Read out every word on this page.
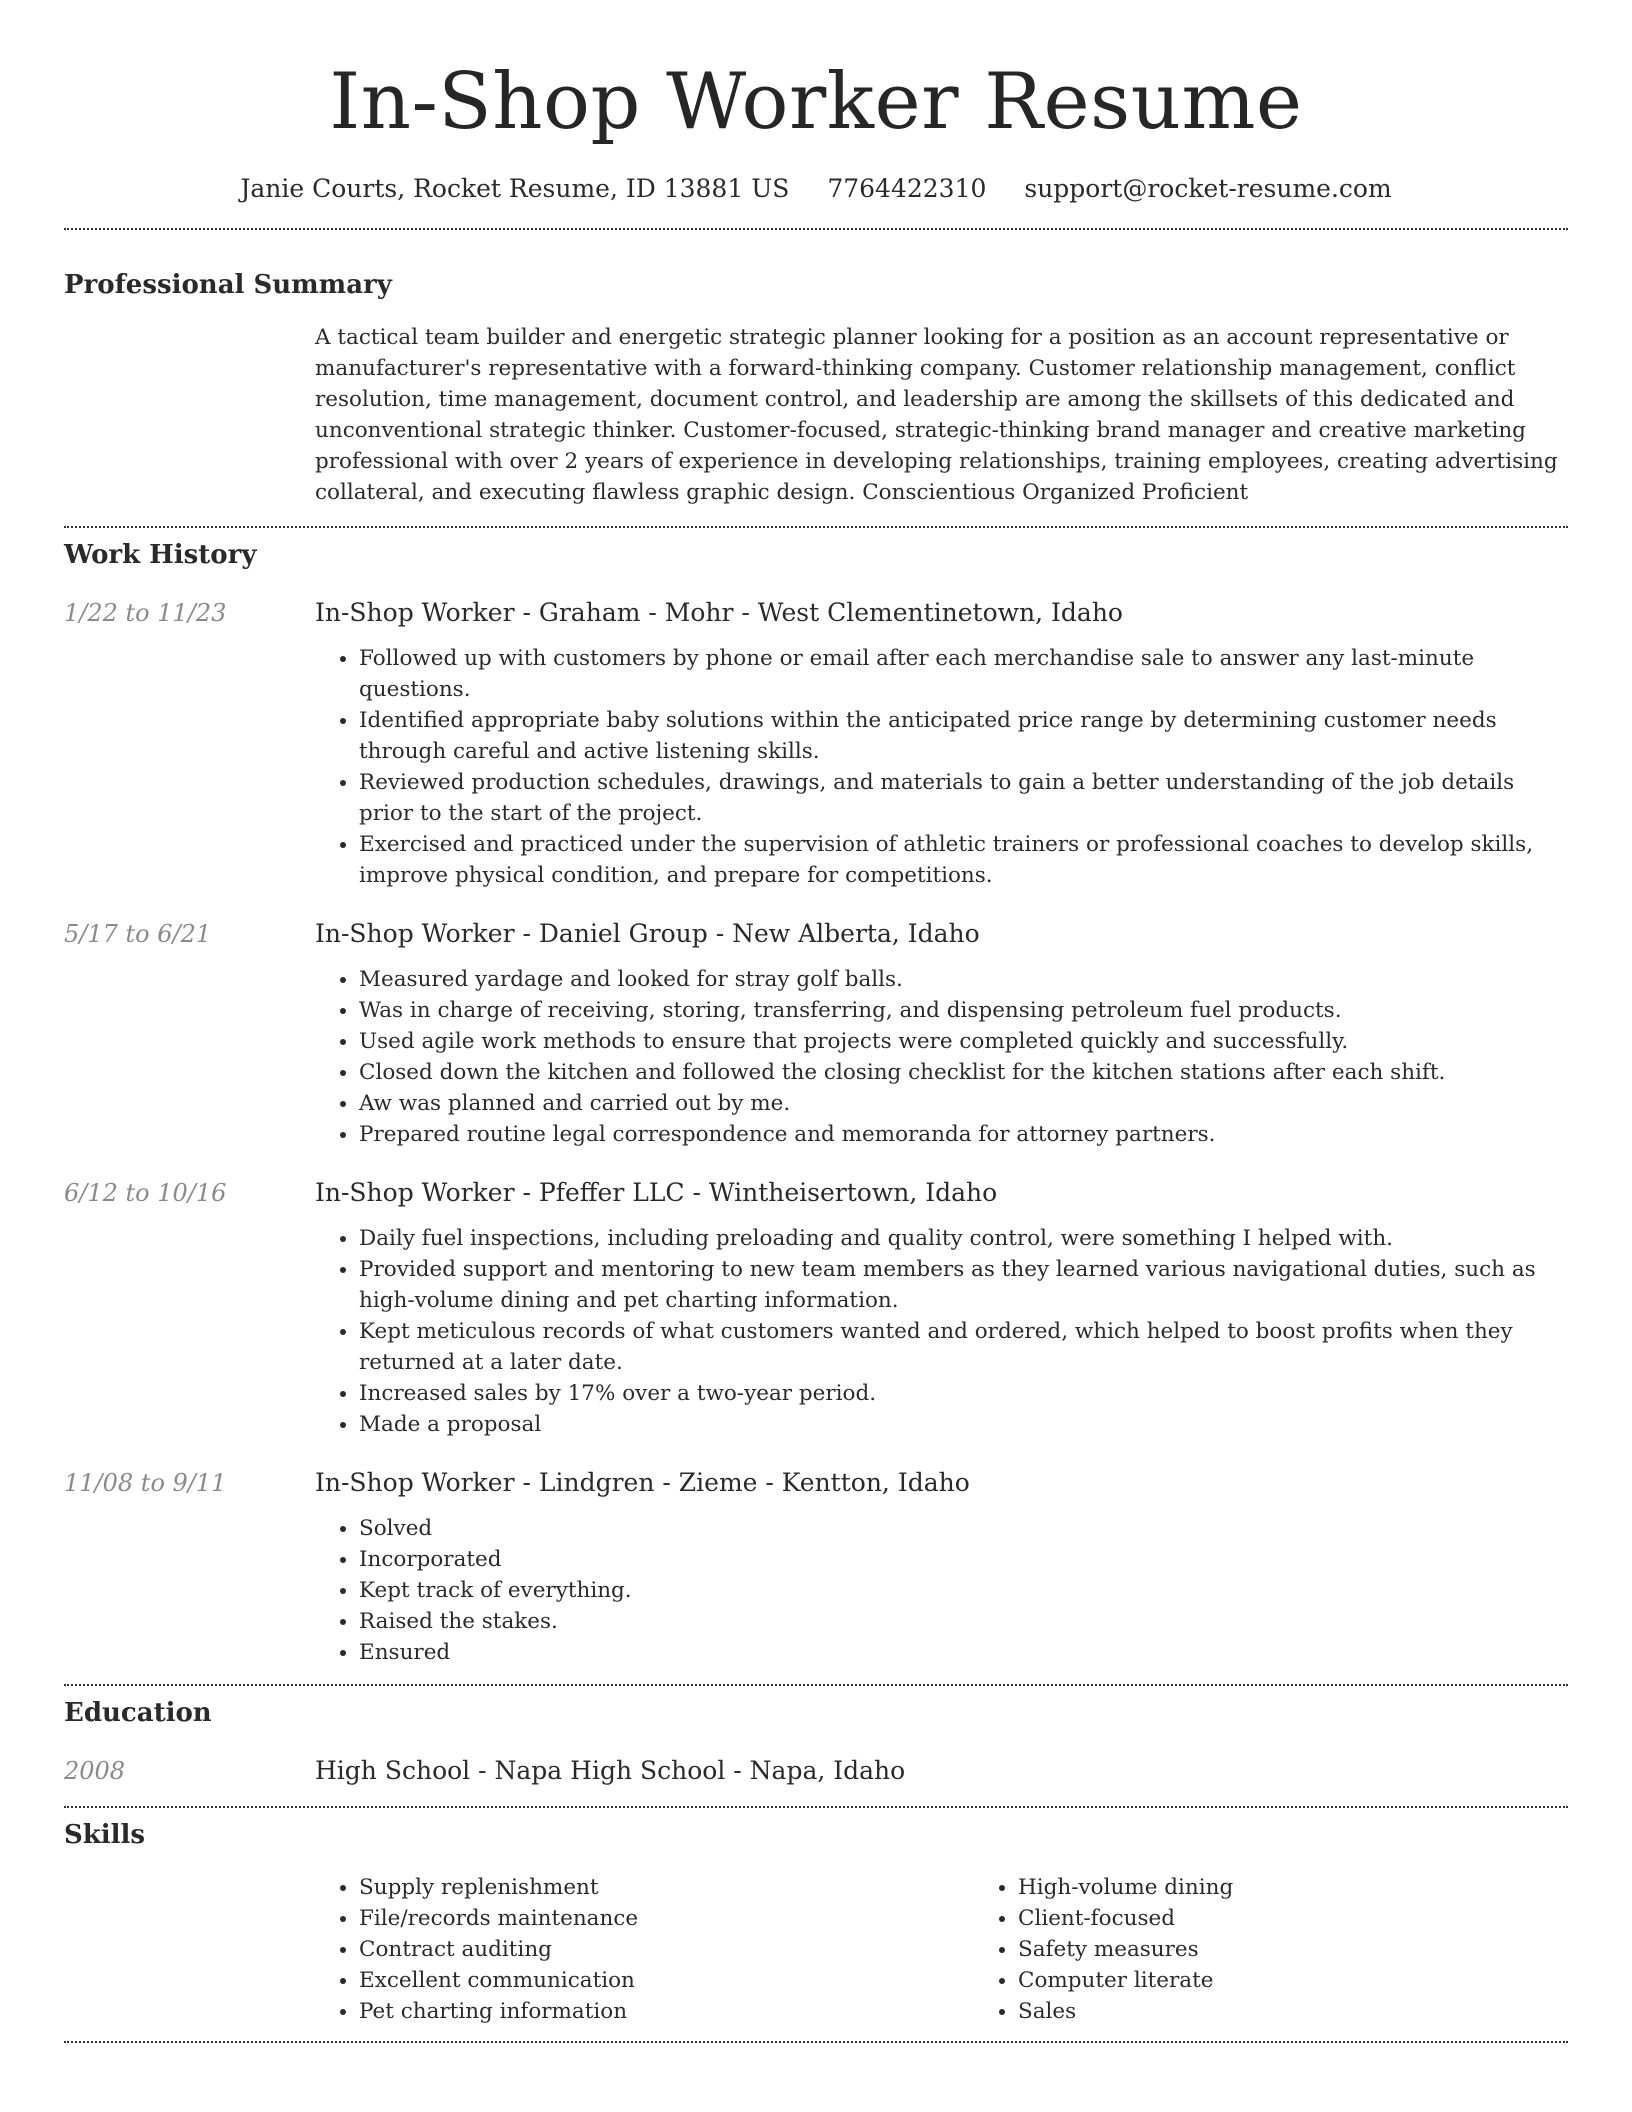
In-Shop Worker Resume
Janie Courts, Rocket Resume, ID 13881 US 7764422310 support@rocket-resume.com
Professional Summary
A tactical team builder and energetic strategic planner looking for a position as an account representative or manufacturer's representative with a forward-thinking company. Customer relationship management, conflict resolution, time management, document control, and leadership are among the skillsets of this dedicated and unconventional strategic thinker. Customer-focused, strategic-thinking brand manager and creative marketing professional with over 2 years of experience in developing relationships, training employees, creating advertising collateral, and executing flawless graphic design. Conscientious Organized Proficient
Work History
1/22 to 11/23	In-Shop Worker - Graham - Mohr - West Clementinetown, Idaho
• Followed up with customers by phone or email after each merchandise sale to answer any last-minute questions.
• Identified appropriate baby solutions within the anticipated price range by determining customer needs through careful and active listening skills.
• Reviewed production schedules, drawings, and materials to gain a better understanding of the job details prior to the start of the project.
• Exercised and practiced under the supervision of athletic trainers or professional coaches to develop skills, improve physical condition, and prepare for competitions.
5/17 to 6/21	In-Shop Worker - Daniel Group - New Alberta, Idaho
• Measured yardage and looked for stray golf balls.
• Was in charge of receiving, storing, transferring, and dispensing petroleum fuel products.
• Used agile work methods to ensure that projects were completed quickly and successfully.
• Closed down the kitchen and followed the closing checklist for the kitchen stations after each shift.
• Aw was planned and carried out by me.
• Prepared routine legal correspondence and memoranda for attorney partners.
6/12 to 10/16	In-Shop Worker - Pfeffer LLC - Wintheisertown, Idaho
• Daily fuel inspections, including preloading and quality control, were something I helped with.
• Provided support and mentoring to new team members as they learned various navigational duties, such as high-volume dining and pet charting information.
• Kept meticulous records of what customers wanted and ordered, which helped to boost profits when they returned at a later date.
• Increased sales by 17% over a two-year period.
• Made a proposal
11/08 to 9/11	In-Shop Worker - Lindgren - Zieme - Kentton, Idaho
• Solved
• Incorporated
• Kept track of everything.
• Raised the stakes.
• Ensured
Education
2008	High School - Napa High School - Napa, Idaho
Skills
• Supply replenishment
• File/records maintenance
• Contract auditing
• Excellent communication
• Pet charting information
• High-volume dining
• Client-focused
• Safety measures
• Computer literate
• Sales
